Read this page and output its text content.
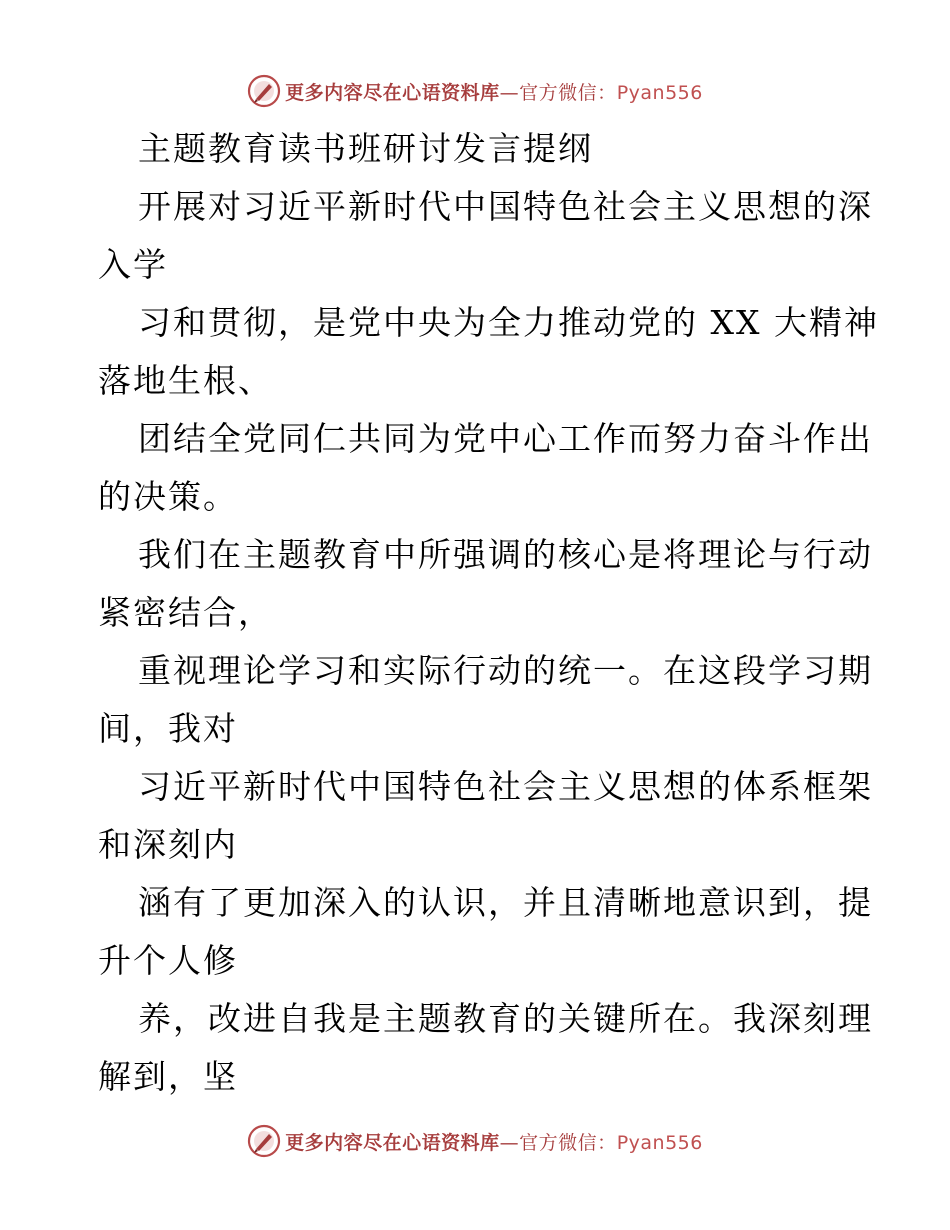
更多内容尽在心语资料库—官方微信：Pyan556
主题教育读书班研讨发言提纲
开展对习近平新时代中国特色社会主义思想的深
入学
习和贯彻，是党中央为全力推动党的 XX 大精神
落地生根、
团结全党同仁共同为党中心工作而努力奋斗作出
的决策。
我们在主题教育中所强调的核心是将理论与行动
紧密结合，
重视理论学习和实际行动的统一。在这段学习期
间，我对
习近平新时代中国特色社会主义思想的体系框架
和深刻内
涵有了更加深入的认识，并且清晰地意识到，提
升个人修
养，改进自我是主题教育的关键所在。我深刻理
解到，坚
更多内容尽在心语资料库—官方微信：Pyan556
